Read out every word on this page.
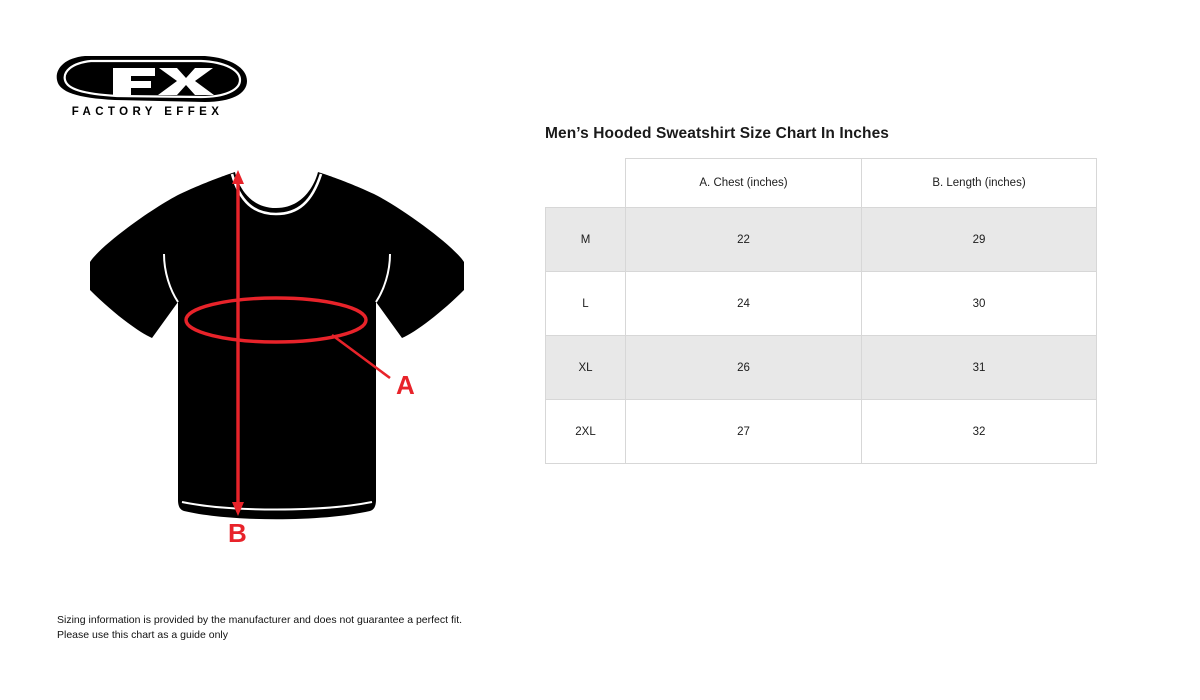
FACTORY EFFEX
A
B
Men’s Hooded Sweatshirt Size Chart In Inches
	A. Chest (inches)	B. Length (inches)
M	22	29
L	24	30
XL	26	31
2XL	27	32
Sizing information is provided by the manufacturer and does not guarantee a perfect fit.
Please use this chart as a guide only
